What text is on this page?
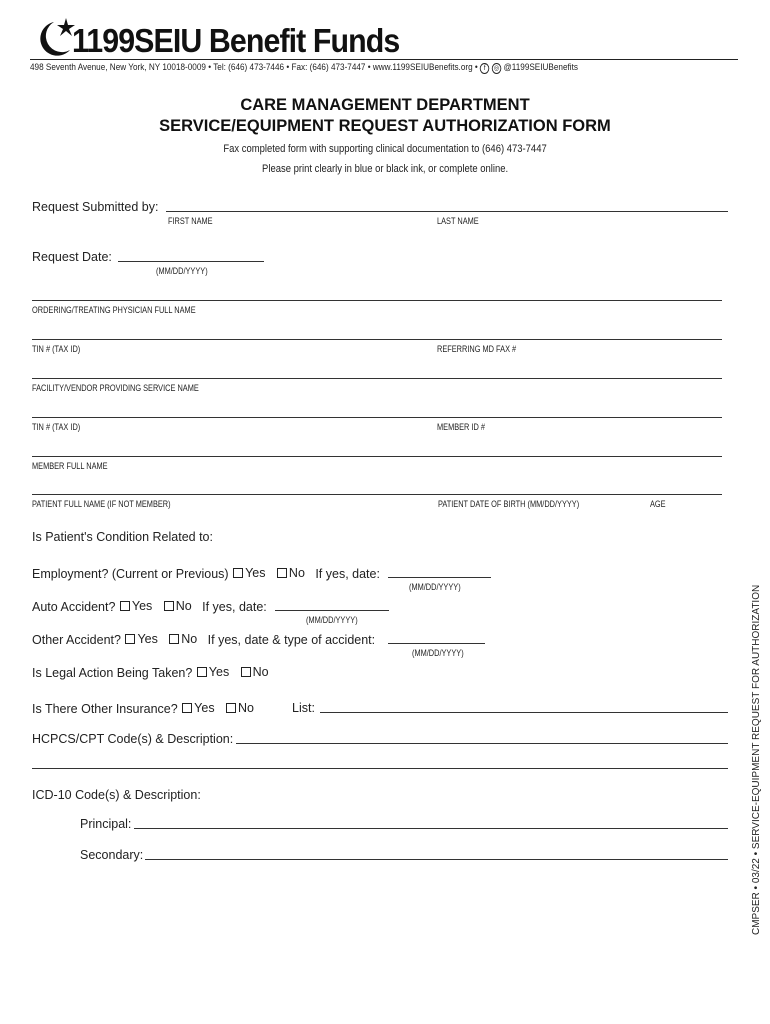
1199SEIU Benefit Funds
498 Seventh Avenue, New York, NY 10018-0009 • Tel: (646) 473-7446 • Fax: (646) 473-7447 • www.1199SEIUBenefits.org • f ◎ @1199SEIUBenefits
CARE MANAGEMENT DEPARTMENT
SERVICE/EQUIPMENT REQUEST AUTHORIZATION FORM
Fax completed form with supporting clinical documentation to (646) 473-7447
Please print clearly in blue or black ink, or complete online.
Request Submitted by:
FIRST NAME	LAST NAME
Request Date:
(MM/DD/YYYY)
ORDERING/TREATING PHYSICIAN FULL NAME
TIN # (TAX ID)	REFERRING MD FAX #
FACILITY/VENDOR PROVIDING SERVICE NAME
TIN # (TAX ID)	MEMBER ID #
MEMBER FULL NAME
PATIENT FULL NAME (IF NOT MEMBER)	PATIENT DATE OF BIRTH (MM/DD/YYYY)	AGE
Is Patient's Condition Related to:
Employment? (Current or Previous) Yes
No If yes, date:
(MM/DD/YYYY)
Auto Accident? Yes
No If yes, date:
(MM/DD/YYYY)
Other Accident? Yes
No If yes, date & type of accident:
(MM/DD/YYYY)
Is Legal Action Being Taken? Yes
No
Is There Other Insurance? Yes
No	List:
HCPCS/CPT Code(s) & Description:
ICD-10 Code(s) & Description:
Principal:
Secondary:	CMPSER • 03/22 • SERVICE-EQUIPMENT REQUEST FOR AUTHORIZATION
